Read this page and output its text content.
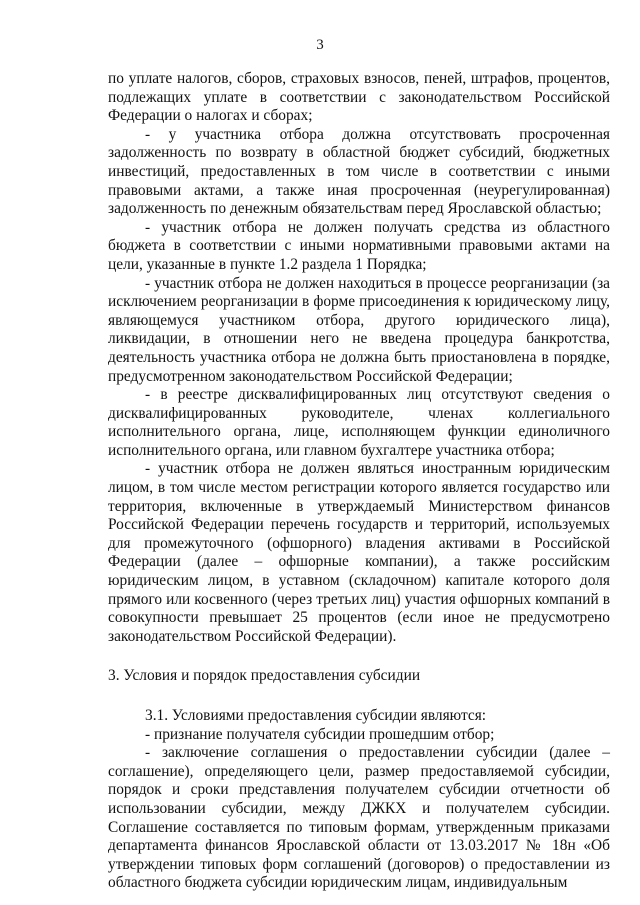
3

по уплате налогов, сборов, страховых взносов, пеней, штрафов, процентов, подлежащих уплате в соответствии с законодательством Российской Федерации о налогах и сборах;

- у участника отбора должна отсутствовать просроченная задолженность по возврату в областной бюджет субсидий, бюджетных инвестиций, предоставленных в том числе в соответствии с иными правовыми актами, а также иная просроченная (неурегулированная) задолженность по денежным обязательствам перед Ярославской областью;

- участник отбора не должен получать средства из областного бюджета в соответствии с иными нормативными правовыми актами на цели, указанные в пункте 1.2 раздела 1 Порядка;

- участник отбора не должен находиться в процессе реорганизации (за исключением реорганизации в форме присоединения к юридическому лицу, являющемуся участником отбора, другого юридического лица), ликвидации, в отношении него не введена процедура банкротства, деятельность участника отбора не должна быть приостановлена в порядке, предусмотренном законодательством Российской Федерации;

- в реестре дисквалифицированных лиц отсутствуют сведения о дисквалифицированных руководителе, членах коллегиального исполнительного органа, лице, исполняющем функции единоличного исполнительного органа, или главном бухгалтере участника отбора;

- участник отбора не должен являться иностранным юридическим лицом, в том числе местом регистрации которого является государство или территория, включенные в утверждаемый Министерством финансов Российской Федерации перечень государств и территорий, используемых для промежуточного (офшорного) владения активами в Российской Федерации (далее – офшорные компании), а также российским юридическим лицом, в уставном (складочном) капитале которого доля прямого или косвенного (через третьих лиц) участия офшорных компаний в совокупности превышает 25 процентов (если иное не предусмотрено законодательством Российской Федерации).

3. Условия и порядок предоставления субсидии

3.1. Условиями предоставления субсидии являются:

- признание получателя субсидии прошедшим отбор;

- заключение соглашения о предоставлении субсидии (далее – соглашение), определяющего цели, размер предоставляемой субсидии, порядок и сроки представления получателем субсидии отчетности об использовании субсидии, между ДЖКХ и получателем субсидии. Соглашение составляется по типовым формам, утвержденным приказами департамента финансов Ярославской области от 13.03.2017 № 18н «Об утверждении типовых форм соглашений (договоров) о предоставлении из областного бюджета субсидии юридическим лицам, индивидуальным
